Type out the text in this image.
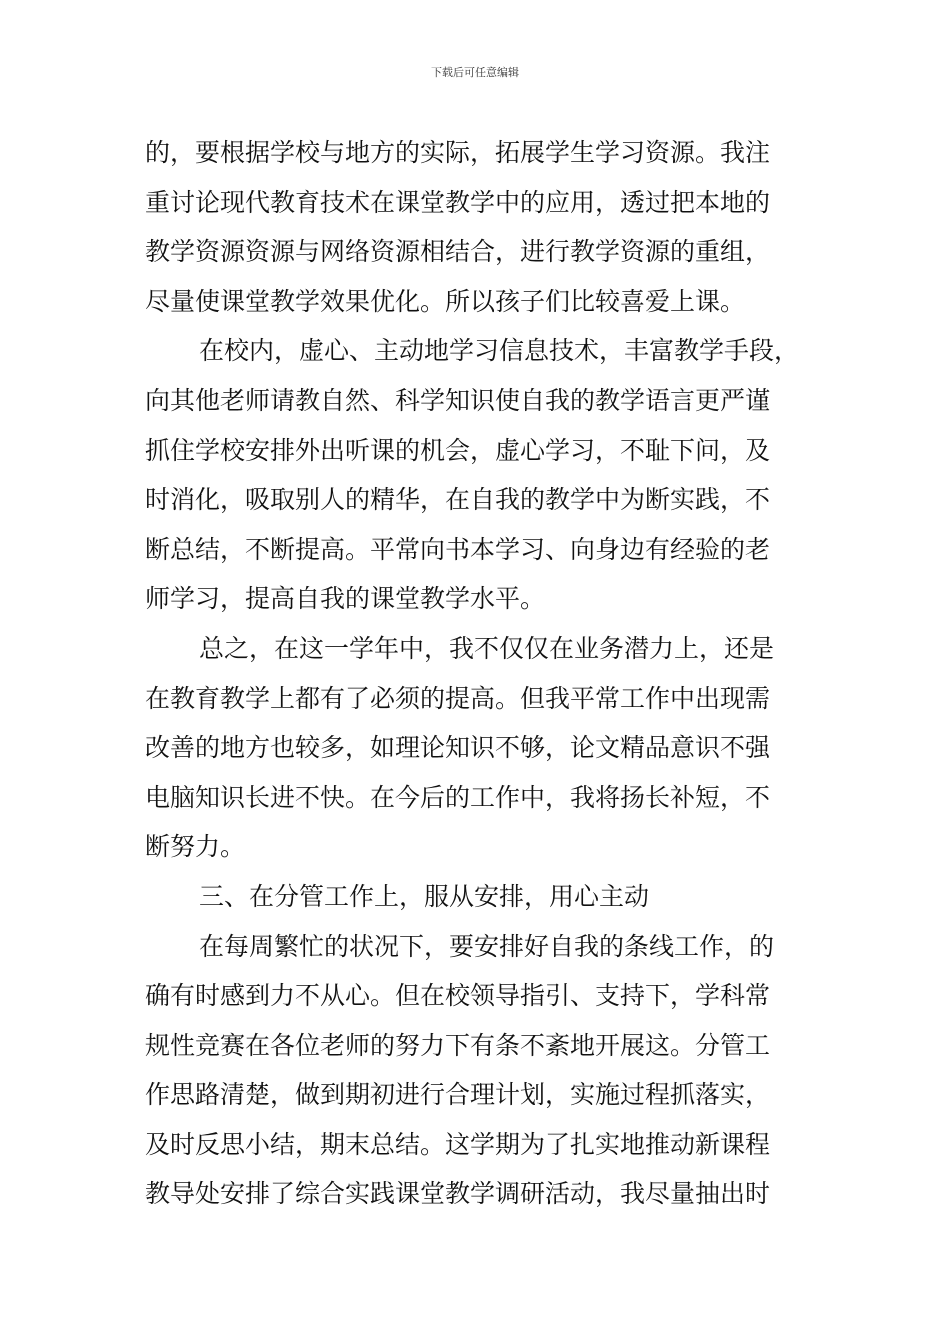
下载后可任意编辑
的，要根据学校与地方的实际，拓展学生学习资源。我注
重讨论现代教育技术在课堂教学中的应用，透过把本地的
教学资源资源与网络资源相结合，进行教学资源的重组，
尽量使课堂教学效果优化。所以孩子们比较喜爱上课。
在校内，虚心、主动地学习信息技术，丰富教学手段，
向其他老师请教自然、科学知识使自我的教学语言更严谨
抓住学校安排外出听课的机会，虚心学习，不耻下问，及
时消化，吸取别人的精华，在自我的教学中为断实践，不
断总结，不断提高。平常向书本学习、向身边有经验的老
师学习，提高自我的课堂教学水平。
总之，在这一学年中，我不仅仅在业务潜力上，还是
在教育教学上都有了必须的提高。但我平常工作中出现需
改善的地方也较多，如理论知识不够，论文精品意识不强
电脑知识长进不快。在今后的工作中，我将扬长补短，不
断努力。
三、在分管工作上，服从安排，用心主动
在每周繁忙的状况下，要安排好自我的条线工作，的
确有时感到力不从心。但在校领导指引、支持下，学科常
规性竞赛在各位老师的努力下有条不紊地开展这。分管工
作思路清楚，做到期初进行合理计划，实施过程抓落实，
及时反思小结，期末总结。这学期为了扎实地推动新课程
教导处安排了综合实践课堂教学调研活动，我尽量抽出时
